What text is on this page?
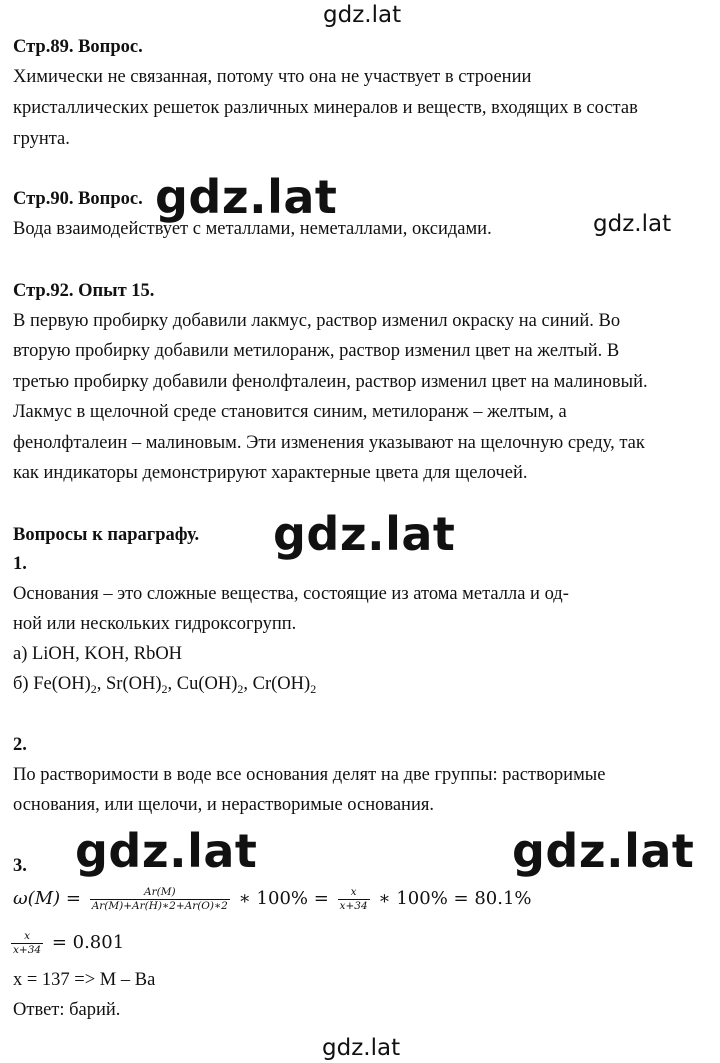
gdz.lat
gdz.lat	gdz.lat
gdz.lat
gdz.lat	gdz.lat
gdz.lat
Стр.89. Вопрос.
Химически не связанная, потому что она не участвует в строении
кристаллических решеток различных минералов и веществ, входящих в состав
грунта.
Стр.90. Вопрос.
Вода взаимодействует с металлами, неметаллами, оксидами.
Стр.92. Опыт 15.
В первую пробирку добавили лакмус, раствор изменил окраску на синий. Во
вторую пробирку добавили метилоранж, раствор изменил цвет на желтый. В
третью пробирку добавили фенолфталеин, раствор изменил цвет на малиновый.
Лакмус в щелочной среде становится синим, метилоранж – желтым, а
фенолфталеин – малиновым. Эти изменения указывают на щелочную среду, так
как индикаторы демонстрируют характерные цвета для щелочей.
Вопросы к параграфу.
1.
Основания – это сложные вещества, состоящие из атома металла и од-
ной или нескольких гидроксогрупп.
а) LiOH, KOH, RbOH
б) $Fe(OH)_2$, $Sr(OH)_2$, $Cu(OH)_2$, $Cr(OH)_2$
2.
По растворимости в воде все основания делят на две группы: растворимые
основания, или щелочи, и нерастворимые основания.
3.
$\omega(M) = \frac{Ar(M)}{Ar(M)+Ar(H)∗2+Ar(O)∗2}$ ∗ $100\% = \frac{x}{x+34}$ ∗ 100% = 80.1%
$\frac{x}{x+34} = 0.801$
x = 137 => M – Ba
Ответ: барий.
